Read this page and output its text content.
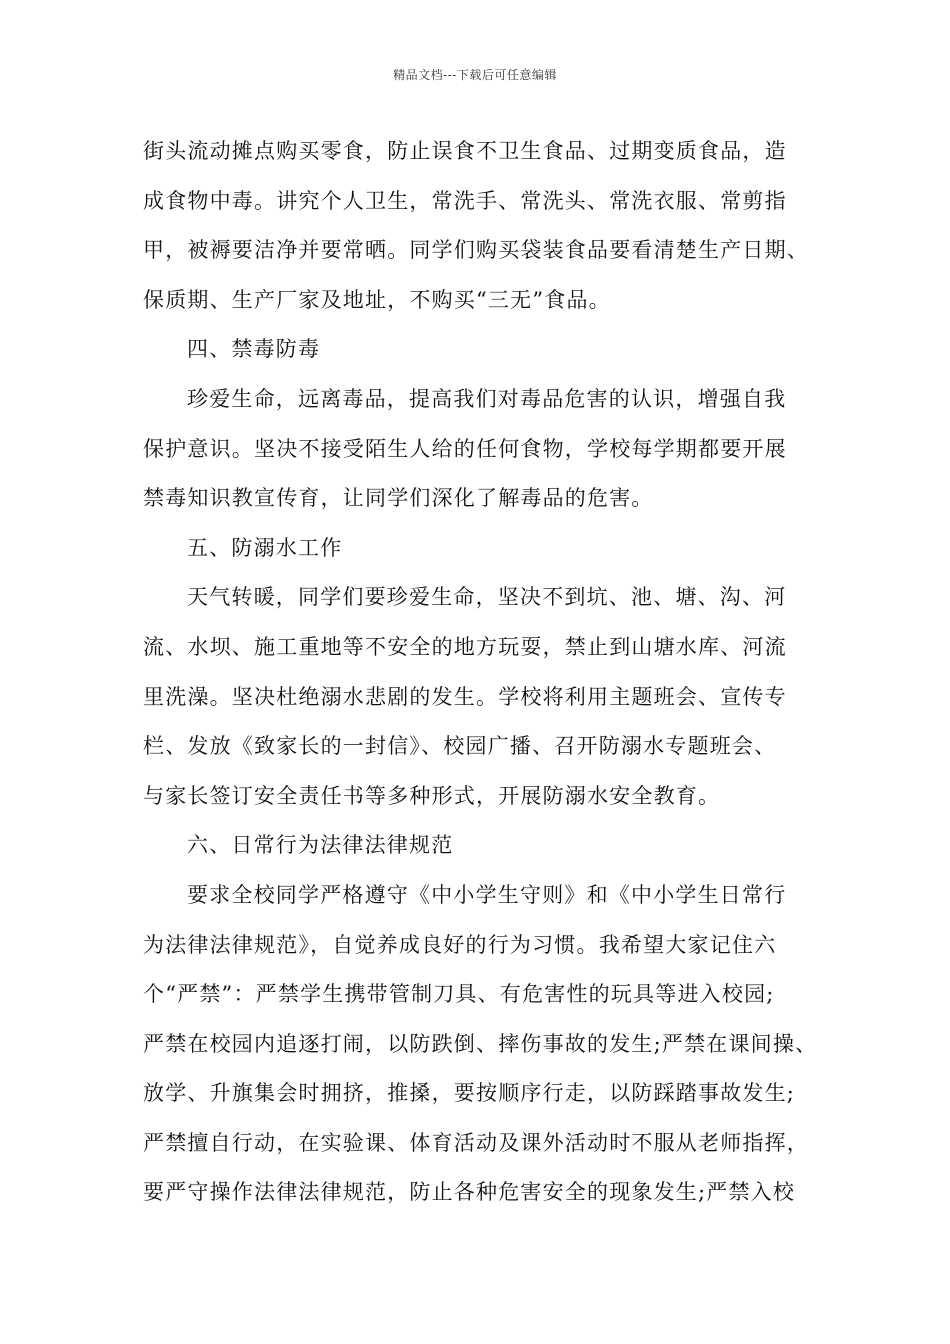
精品文档---下载后可任意编辑
街头流动摊点购买零食，防止误食不卫生食品、过期变质食品，造
成食物中毒。讲究个人卫生，常洗手、常洗头、常洗衣服、常剪指
甲，被褥要洁净并要常晒。同学们购买袋装食品要看清楚生产日期、
保质期、生产厂家及地址，不购买“三无”食品。
四、禁毒防毒
珍爱生命，远离毒品，提高我们对毒品危害的认识，增强自我
保护意识。坚决不接受陌生人给的任何食物，学校每学期都要开展
禁毒知识教宣传育，让同学们深化了解毒品的危害。
五、防溺水工作
天气转暖，同学们要珍爱生命，坚决不到坑、池、塘、沟、河
流、水坝、施工重地等不安全的地方玩耍，禁止到山塘水库、河流
里洗澡。坚决杜绝溺水悲剧的发生。学校将利用主题班会、宣传专
栏、发放《致家长的一封信》、校园广播、召开防溺水专题班会、
与家长签订安全责任书等多种形式，开展防溺水安全教育。
六、日常行为法律法律规范
要求全校同学严格遵守《中小学生守则》和《中小学生日常行
为法律法律规范》，自觉养成良好的行为习惯。我希望大家记住六
个“严禁”：严禁学生携带管制刀具、有危害性的玩具等进入校园;
严禁在校园内追逐打闹，以防跌倒、摔伤事故的发生;严禁在课间操、
放学、升旗集会时拥挤，推搡，要按顺序行走，以防踩踏事故发生;
严禁擅自行动，在实验课、体育活动及课外活动时不服从老师指挥，
要严守操作法律法律规范，防止各种危害安全的现象发生;严禁入校
